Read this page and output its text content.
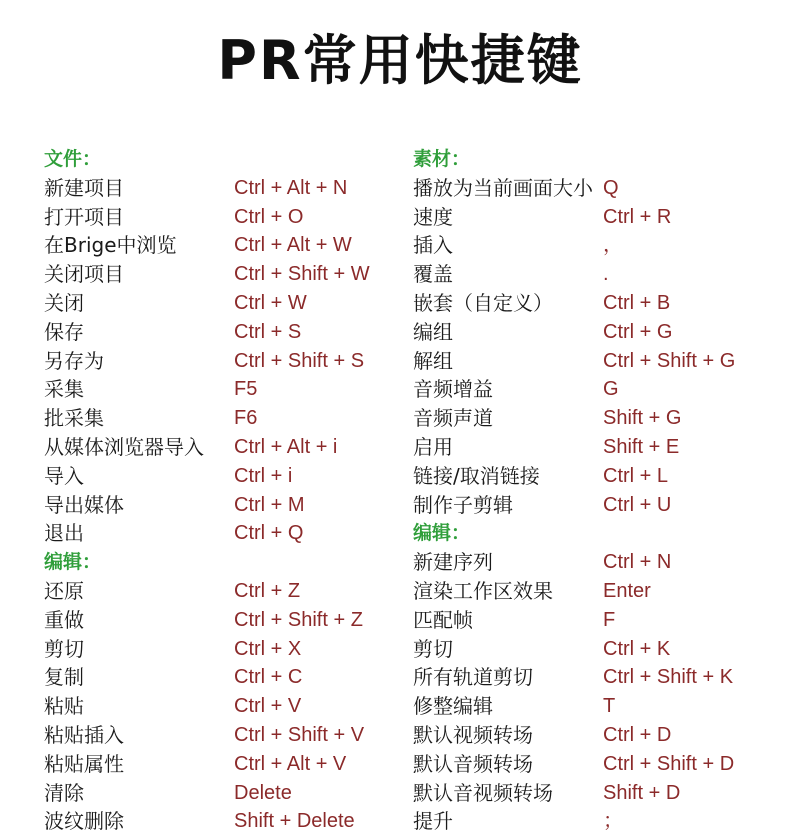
PR常用快捷键
文件：
新建项目	Ctrl + Alt + N
打开项目	Ctrl + O
在Brige中浏览	Ctrl + Alt + W
关闭项目	Ctrl + Shift + W
关闭	Ctrl + W
保存	Ctrl + S
另存为	Ctrl + Shift + S
采集	F5
批采集	F6
从媒体浏览器导入 Ctrl + Alt + i
导入	Ctrl + i
导出媒体	Ctrl + M
退出	Ctrl + Q
编辑：
还原	Ctrl + Z
重做	Ctrl + Shift + Z
剪切	Ctrl + X
复制	Ctrl + C
粘贴	Ctrl + V
粘贴插入	Ctrl + Shift + V
粘贴属性	Ctrl + Alt + V
清除	Delete
波纹删除	Shift + Delete
素材：
播放为当前画面大小 Q
速度	Ctrl + R
插入	，
覆盖	.
嵌套（自定义）	Ctrl + B
编组	Ctrl + G
解组	Ctrl + Shift + G
音频增益	G
音频声道	Shift + G
启用	Shift + E
链接/取消链接	Ctrl + L
制作子剪辑	Ctrl + U
编辑：
新建序列	Ctrl + N
渲染工作区效果	Enter
匹配帧	F
剪切	Ctrl + K
所有轨道剪切	Ctrl + Shift + K
修整编辑	T
默认视频转场	Ctrl + D
默认音频转场	Ctrl + Shift + D
默认音视频转场	Shift + D
提升	；
